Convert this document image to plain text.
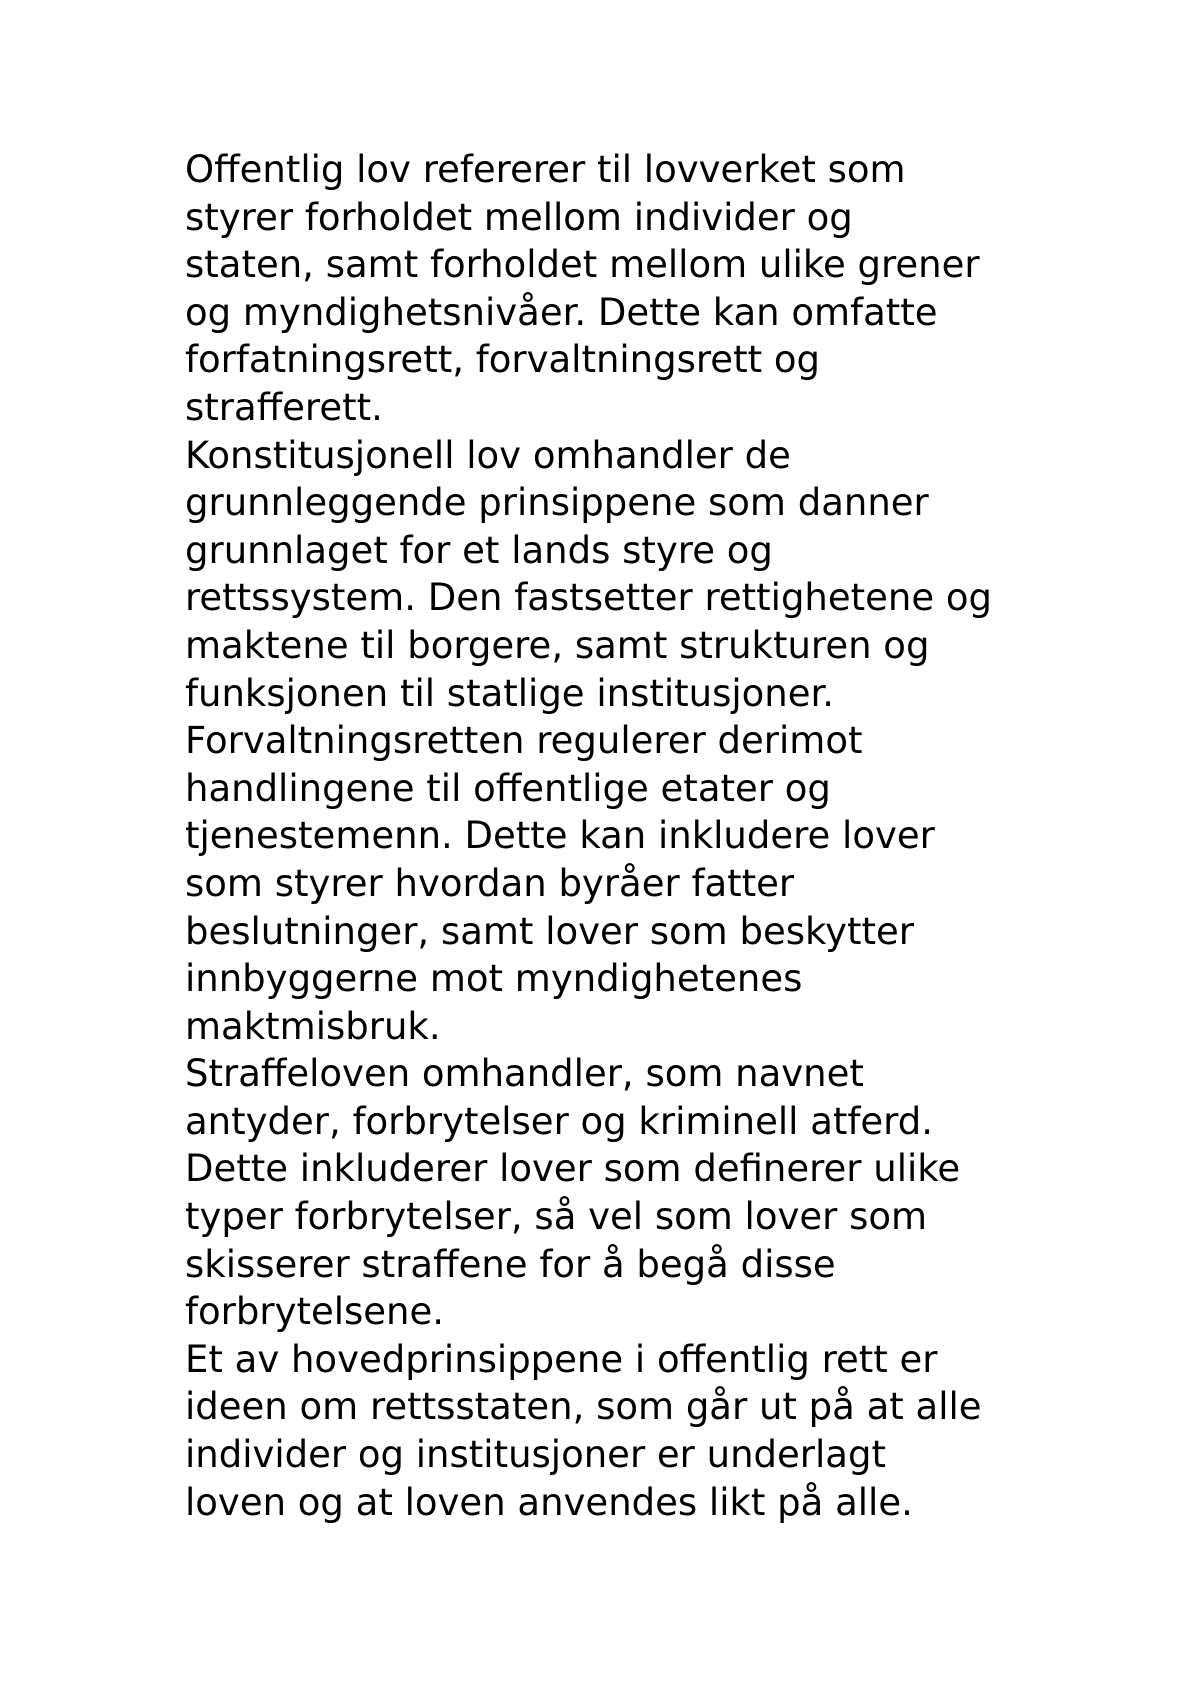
Offentlig lov refererer til lovverket som
styrer forholdet mellom individer og
staten, samt forholdet mellom ulike grener
og myndighetsnivåer. Dette kan omfatte
forfatningsrett, forvaltningsrett og
strafferett.
Konstitusjonell lov omhandler de
grunnleggende prinsippene som danner
grunnlaget for et lands styre og
rettssystem. Den fastsetter rettighetene og
maktene til borgere, samt strukturen og
funksjonen til statlige institusjoner.
Forvaltningsretten regulerer derimot
handlingene til offentlige etater og
tjenestemenn. Dette kan inkludere lover
som styrer hvordan byråer fatter
beslutninger, samt lover som beskytter
innbyggerne mot myndighetenes
maktmisbruk.
Straffeloven omhandler, som navnet
antyder, forbrytelser og kriminell atferd.
Dette inkluderer lover som definerer ulike
typer forbrytelser, så vel som lover som
skisserer straffene for å begå disse
forbrytelsene.
Et av hovedprinsippene i offentlig rett er
ideen om rettsstaten, som går ut på at alle
individer og institusjoner er underlagt
loven og at loven anvendes likt på alle.
